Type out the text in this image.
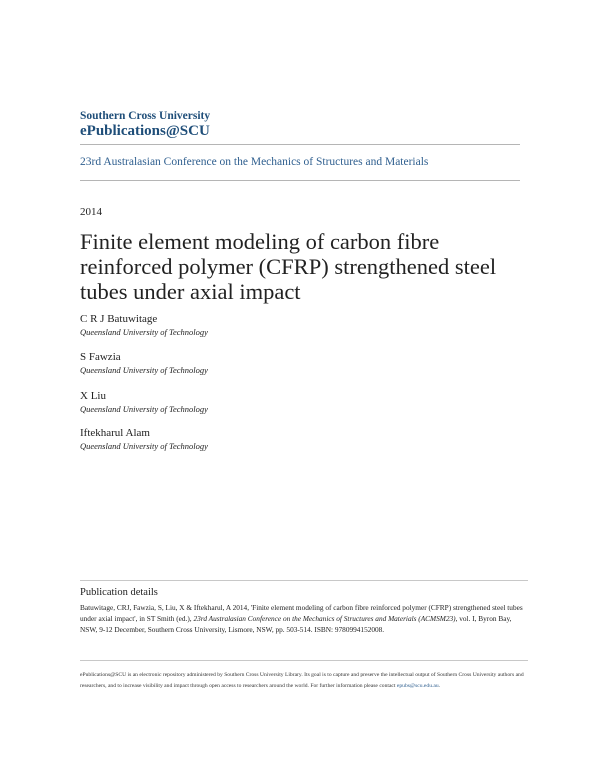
Southern Cross University
ePublications@SCU
23rd Australasian Conference on the Mechanics of Structures and Materials
2014
Finite element modeling of carbon fibre reinforced polymer (CFRP) strengthened steel tubes under axial impact
C R J Batuwitage
Queensland University of Technology
S Fawzia
Queensland University of Technology
X Liu
Queensland University of Technology
Iftekharul Alam
Queensland University of Technology
Publication details

Batuwitage, CRJ, Fawzia, S, Liu, X & Iftekharul, A 2014, 'Finite element modeling of carbon fibre reinforced polymer (CFRP) strengthened steel tubes under axial impact', in ST Smith (ed.), 23rd Australasian Conference on the Mechanics of Structures and Materials (ACMSM23), vol. I, Byron Bay, NSW, 9-12 December, Southern Cross University, Lismore, NSW, pp. 503-514. ISBN: 9780994152008.

ePublications@SCU is an electronic repository administered by Southern Cross University Library. Its goal is to capture and preserve the intellectual output of Southern Cross University authors and researchers, and to increase visibility and impact through open access to researchers around the world. For further information please contact epubs@scu.edu.au.
